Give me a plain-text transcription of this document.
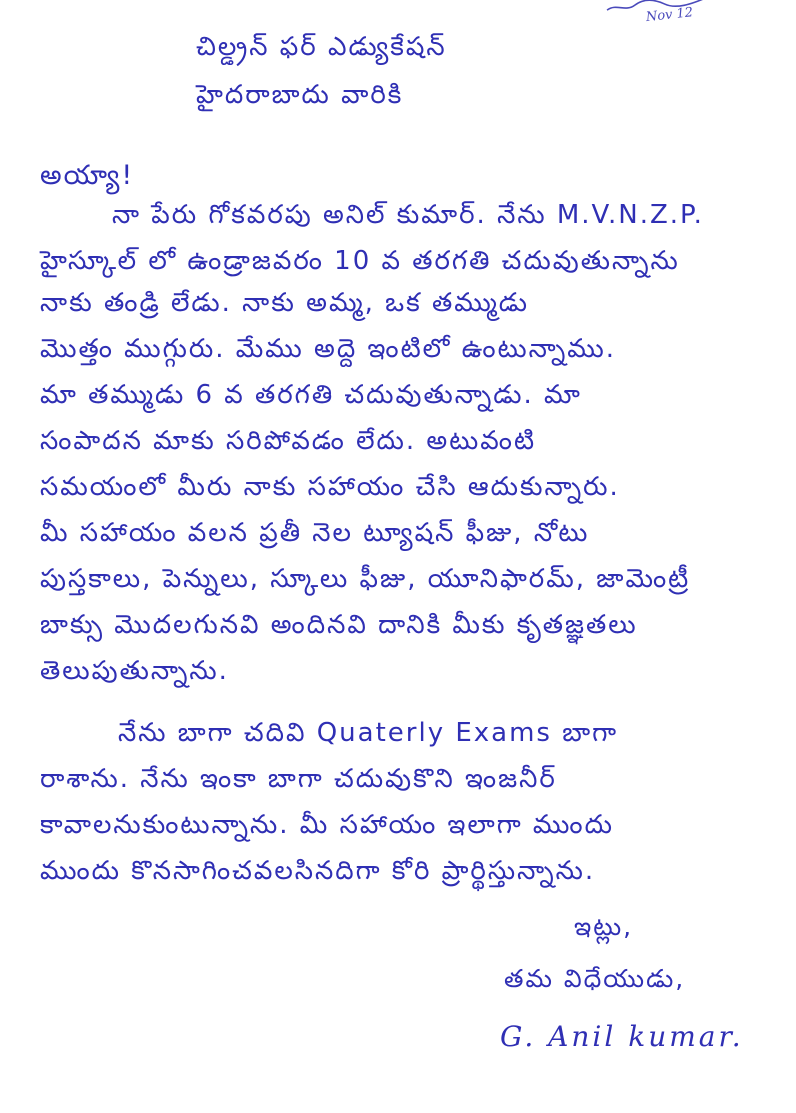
Nov 12
చిల్డ్రన్ ఫర్ ఎడ్యుకేషన్
హైదరాబాదు వారికి
అయ్యా!
నా పేరు గోకవరపు అనిల్ కుమార్. నేను M.V.N.Z.P.
హైస్కూల్ లో ఉండ్రాజవరం 10 వ తరగతి చదువుతున్నాను
నాకు తండ్రి లేడు. నాకు అమ్మ, ఒక తమ్ముడు
మొత్తం ముగ్గురు. మేము అద్దె ఇంటిలో ఉంటున్నాము.
మా తమ్ముడు 6 వ తరగతి చదువుతున్నాడు. మా
సంపాదన మాకు సరిపోవడం లేదు. అటువంటి
సమయంలో మీరు నాకు సహాయం చేసి ఆదుకున్నారు.
మీ సహాయం వలన ప్రతీ నెల ట్యూషన్ ఫీజు, నోటు
పుస్తకాలు, పెన్నులు, స్కూలు ఫీజు, యూనిఫారమ్, జామెంట్రీ
బాక్సు మొదలగునవి అందినవి దానికి మీకు కృతజ్ఞతలు
తెలుపుతున్నాను.
నేను బాగా చదివి Quaterly Exams బాగా
రాశాను. నేను ఇంకా బాగా చదువుకొని ఇంజనీర్
కావాలనుకుంటున్నాను. మీ సహాయం ఇలాగా ముందు
ముందు కొనసాగించవలసినదిగా కోరి ప్రార్థిస్తున్నాను.
ఇట్లు,
తమ విధేయుడు,
G. Anil kumar.
